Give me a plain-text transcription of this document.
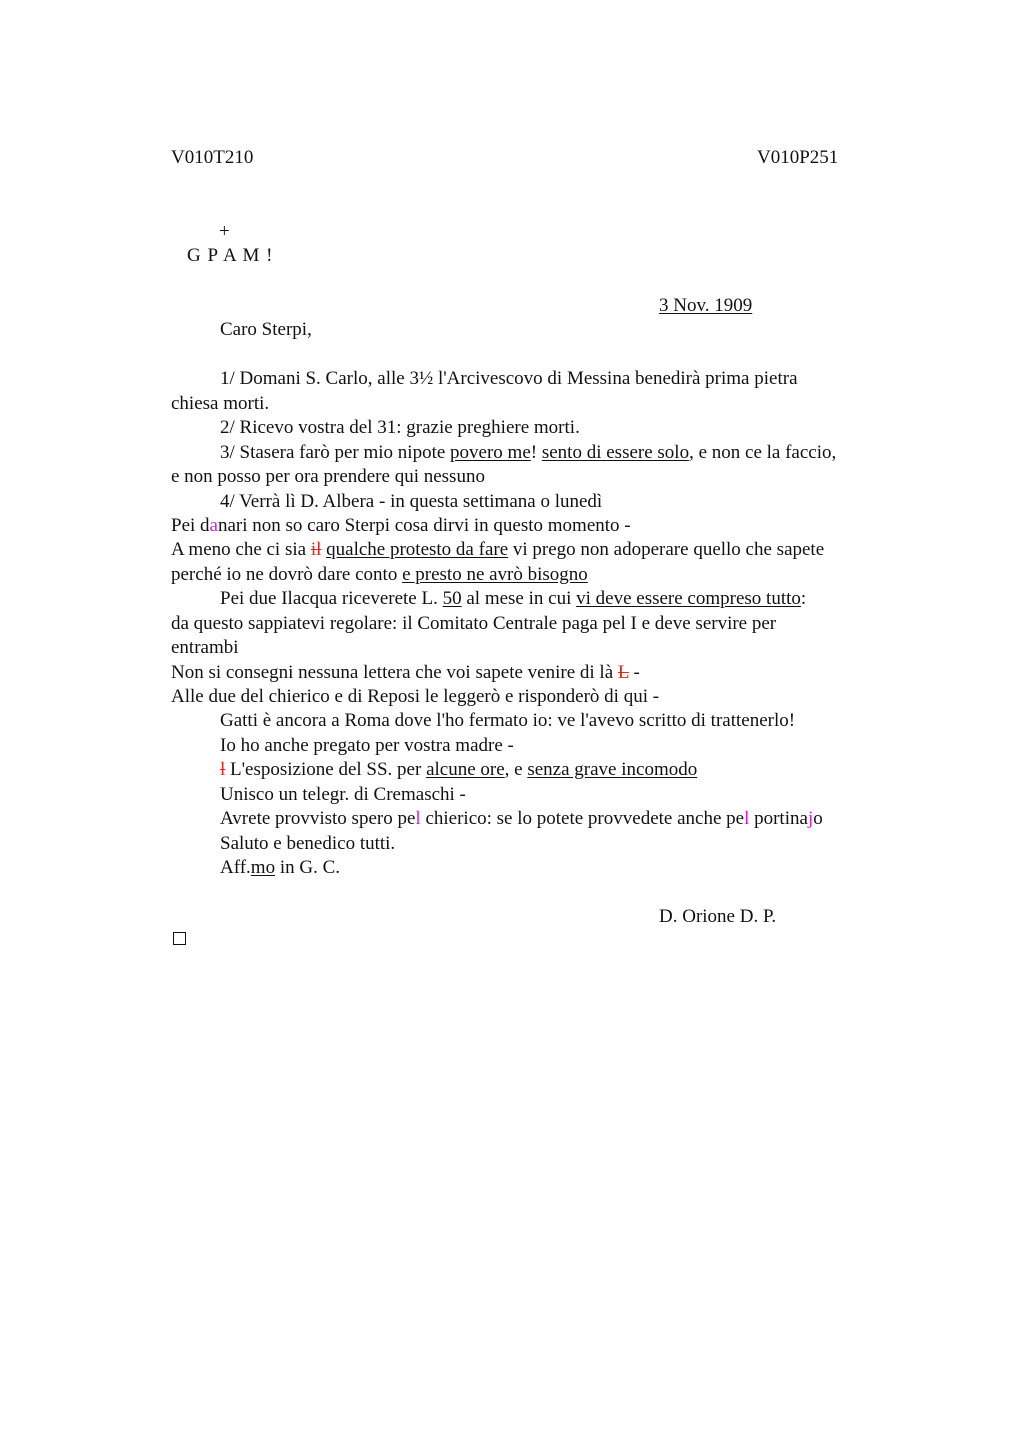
V010T210	V010P251
+
G P A M !
3 Nov. 1909
Caro Sterpi,
1/ Domani S. Carlo, alle 3½ l'Arcivescovo di Messina benedirà prima pietra
chiesa morti.
2/ Ricevo vostra del 31: grazie preghiere morti.
3/ Stasera farò per mio nipote povero me! sento di essere solo, e non ce la faccio,
e non posso per ora prendere qui nessuno
4/ Verrà lì D. Albera - in questa settimana o lunedì
Pei danari non so caro Sterpi cosa dirvi in questo momento -
A meno che ci sia il qualche protesto da fare vi prego non adoperare quello che sapete
perché io ne dovrò dare conto e presto ne avrò bisogno
Pei due Ilacqua riceverete L. 50 al mese in cui vi deve essere compreso tutto:
da questo sappiatevi regolare: il Comitato Centrale paga pel I e deve servire per
entrambi
Non si consegni nessuna lettera che voi sapete venire di là L -
Alle due del chierico e di Reposi le leggerò e risponderò di qui -
Gatti è ancora a Roma dove l'ho fermato io: ve l'avevo scritto di trattenerlo!
Io ho anche pregato per vostra madre -
l L'esposizione del SS. per alcune ore, e senza grave incomodo
Unisco un telegr. di Cremaschi -
Avrete provvisto spero pel chierico: se lo potete provvedete anche pel portinajo
Saluto e benedico tutti.
Aff.mo in G. C.
D. Orione D. P.
